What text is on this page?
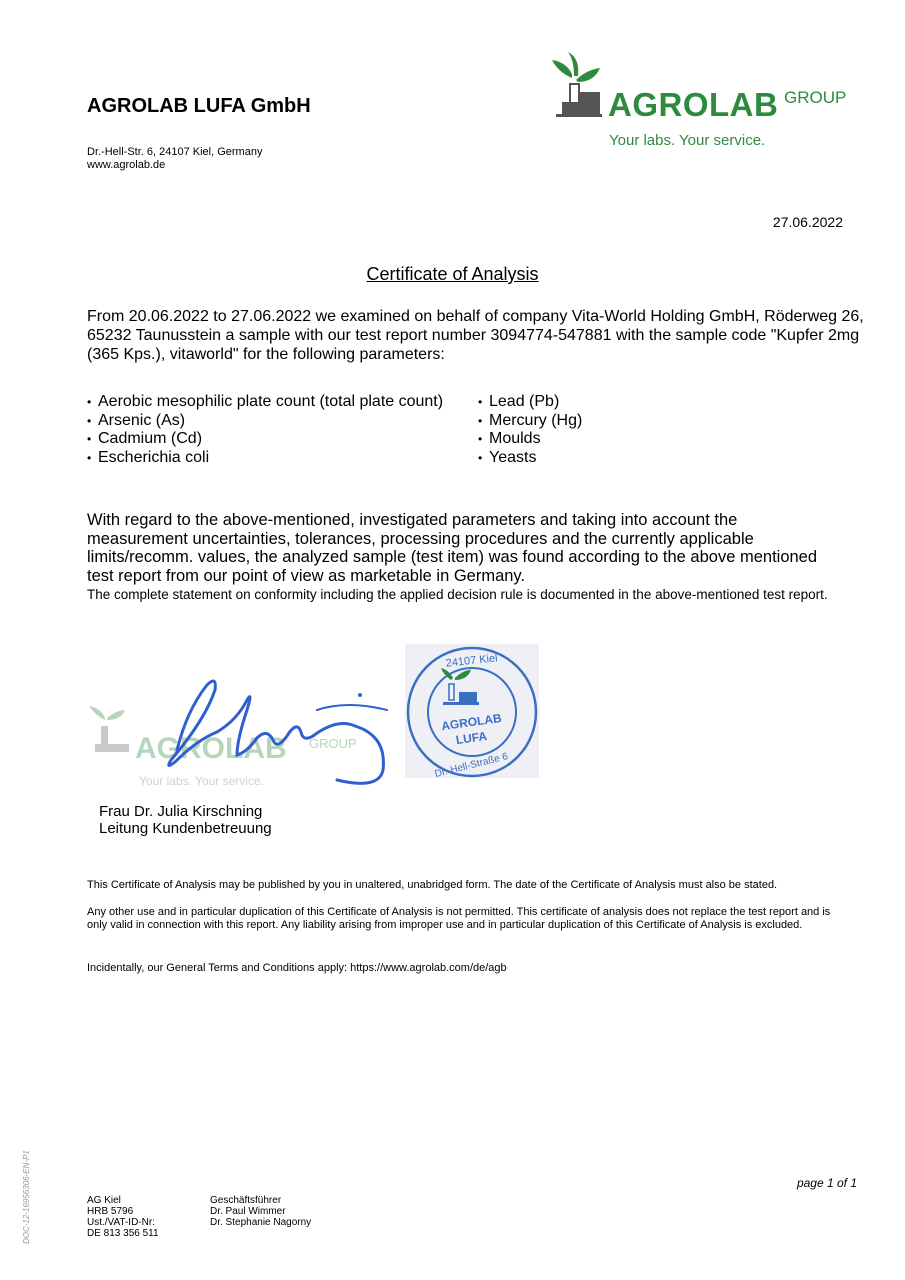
AGROLAB LUFA GmbH
Dr.-Hell-Str. 6, 24107 Kiel, Germany
www.agrolab.de
AGROLAB GROUP
Your labs. Your service.
27.06.2022
Certificate of Analysis
From 20.06.2022 to 27.06.2022 we examined on behalf of company Vita-World Holding GmbH, Röderweg 26, 65232 Taunusstein a sample with our test report number 3094774-547881 with the sample code "Kupfer 2mg (365 Kps.), vitaworld" for the following parameters:
• Aerobic mesophilic plate count (total plate count)
• Arsenic (As)
• Cadmium (Cd)
• Escherichia coli
• Lead (Pb)
• Mercury (Hg)
• Moulds
• Yeasts
With regard to the above-mentioned, investigated parameters and taking into account the measurement uncertainties, tolerances, processing procedures and the currently applicable limits/recomm. values, the analyzed sample (test item) was found according to the above mentioned test report from our point of view as marketable in Germany.
The complete statement on conformity including the applied decision rule is documented in the above-mentioned test report.
AGROLAB GROUP
Your labs. Your service.
AGROLAB
LUFA
24107 Kiel
Dr.-Hell-Straße 6
Frau Dr. Julia Kirschning
Leitung Kundenbetreuung
This Certificate of Analysis may be published by you in unaltered, unabridged form. The date of the Certificate of Analysis must also be stated.
Any other use and in particular duplication of this Certificate of Analysis is not permitted. This certificate of analysis does not replace the test report and is only valid in connection with this report. Any liability arising from improper use and in particular duplication of this Certificate of Analysis is excluded.
Incidentally, our General Terms and Conditions apply: https://www.agrolab.com/de/agb
page 1 of 1
DOC-12-16956306-EN-P1	AG Kiel
HRB 5796
Ust./VAT-ID-Nr:
DE 813 356 511
Geschäftsführer
Dr. Paul Wimmer
Dr. Stephanie Nagorny
